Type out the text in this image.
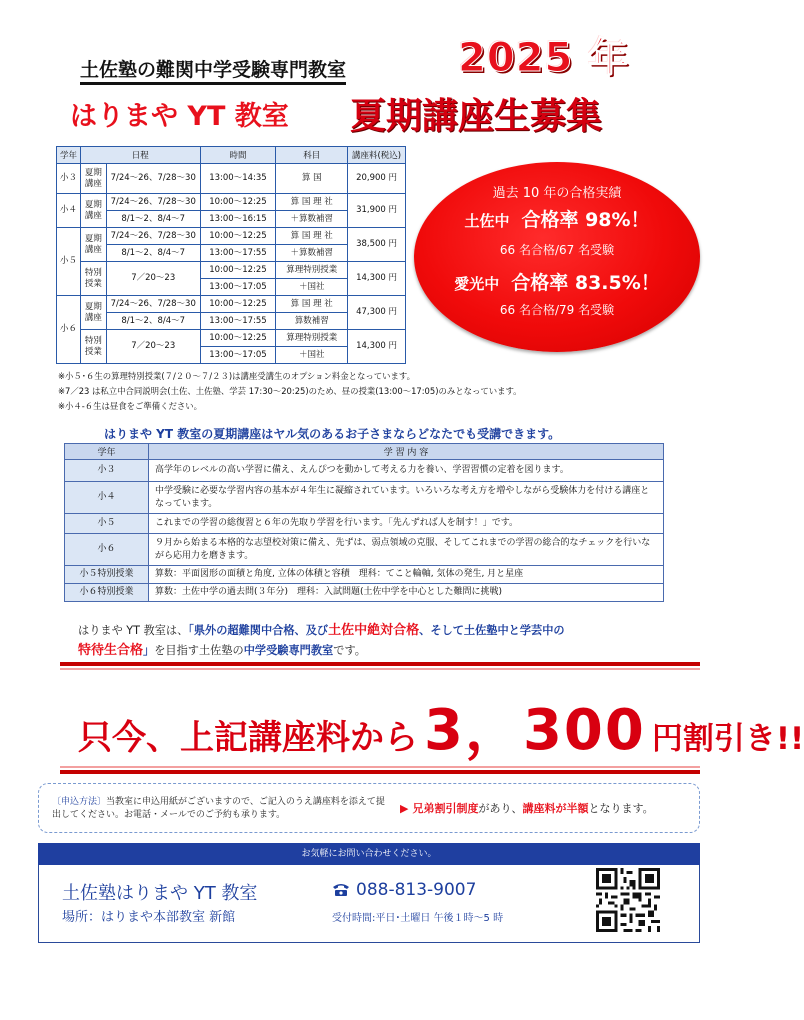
2025 年
土佐塾の難関中学受験専門教室
はりまや YT 教室 夏期講座生募集
学年	日程		時間	科目	講座料(税込)
小３	夏期講座	7/24〜26、7/28〜30	13:00〜14:35	算 国	20,900 円
小４	夏期講座	7/24〜26、7/28〜30	10:00〜12:25	算 国 理 社	31,900 円
		8/1〜2、8/4〜7	13:00〜16:15	＋算数補習	
小５	夏期講座	7/24〜26、7/28〜30	10:00〜12:25	算 国 理 社	38,500 円
		8/1〜2、8/4〜7	13:00〜17:55	＋算数補習	
	特別授業	7／20〜23	10:00〜12:25	算理特別授業	14,300 円
			13:00〜17:05	＋国社	
小６	夏期講座	7/24〜26、7/28〜30	10:00〜12:25	算 国 理 社	47,300 円
		8/1〜2、8/4〜7	13:00〜17:55	算数補習	
	特別授業	7／20〜23	10:00〜12:25	算理特別授業	14,300 円
			13:00〜17:05	＋国社	
※小５･６生の算理特別授業(７/２０〜７/２３)は講座受講生のオプション料金となっています。
※7／23 は私立中合同説明会(土佐、土佐塾、学芸 17:30〜20:25)のため、昼の授業(13:00〜17:05)のみとなっています。
※小４‐６生は昼食をご準備ください。
過去 10 年の合格実績
土佐中 合格率 98%！
66 名合格/67 名受験
愛光中 合格率 83.5%！
66 名合格/79 名受験
はりまや YT 教室の夏期講座はヤル気のあるお子さまならどなたでも受講できます。
学年	学 習 内 容
小３	高学年のレベルの高い学習に備え、えんぴつを動かして考える力を養い、学習習慣の定着を図ります。
小４	中学受験に必要な学習内容の基本が４年生に凝縮されています。いろいろな考え方を増やしながら受験体力を付ける講座となっています。
小５	これまでの学習の総復習と６年の先取り学習を行います。「先んずれば人を制す！」です。
小６	９月から始まる本格的な志望校対策に備え、先ずは、弱点領域の克服、そしてこれまでの学習の総合的なチェックを行いながら応用力を磨きます。
小５特別授業	算数：平面図形の面積と角度, 立体の体積と容積　理科：てこと輪軸, 気体の発生, 月と星座
小６特別授業	算数：土佐中学の過去問(３年分)　理科：入試問題(土佐中学を中心とした難問に挑戦)
はりまや YT 教室は、「県外の超難関中合格、及び土佐中絶対合格、そして土佐塾中と学芸中の
特待生合格」を目指す土佐塾の中学受験専門教室です。
只今、上記講座料から 3，300 円割引き!!
〔申込方法〕当教室に申込用紙がございますので、ご記入のうえ講座料を添えて提出してください。お電話・メールでのご予約も承ります。	▶ 兄弟割引制度があり、講座料が半額となります。
お気軽にお問い合わせください。
土佐塾はりまや YT 教室
場所：はりまや本部教室 新館
088-813-9007
受付時間:平日･土曜日 午後１時〜5 時
